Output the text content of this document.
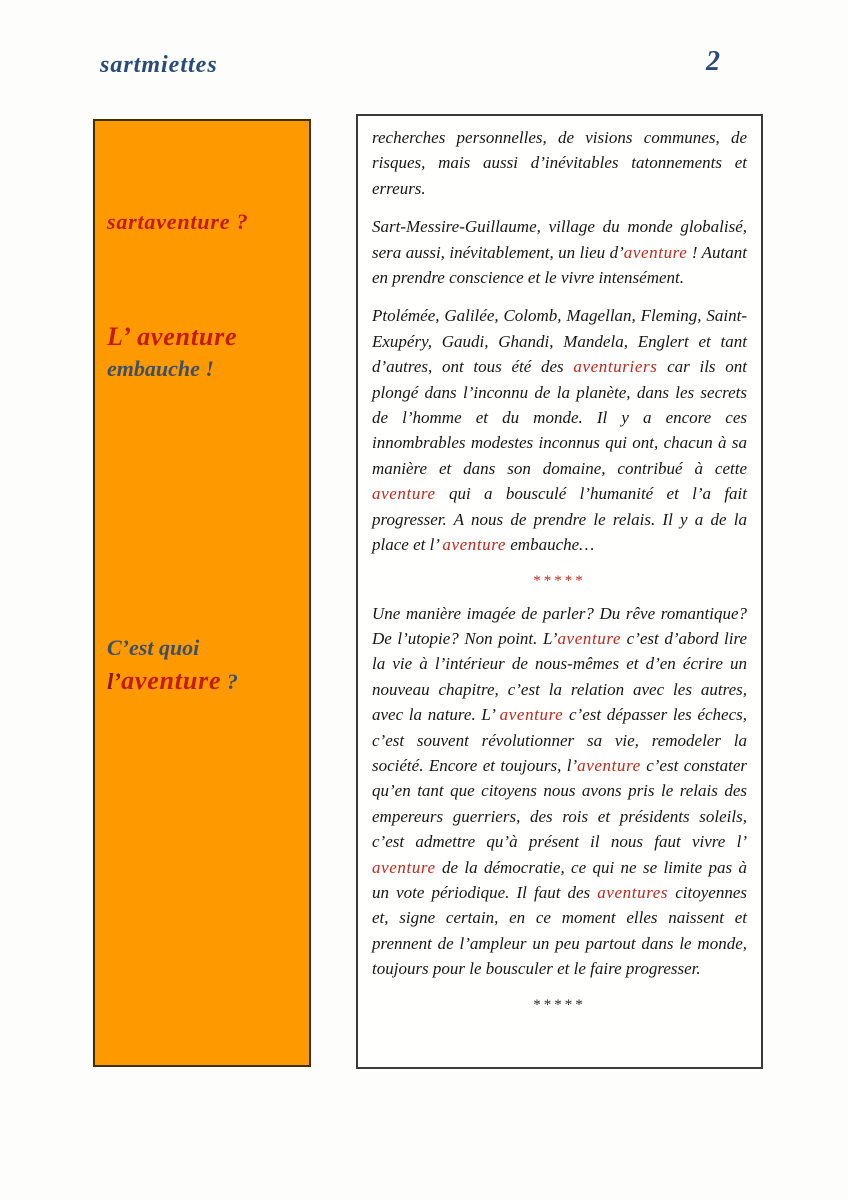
sartmiettes	2
sartaventure ?
L’ aventure
embauche !
C’est quoi
l’aventure ?

recherches personnelles, de visions communes, de risques, mais aussi d’inévitables tatonnements et erreurs.

Sart-Messire-Guillaume, village du monde globalisé, sera aussi, inévitablement, un lieu d’aventure ! Autant en prendre conscience et le vivre intensément.

Ptolémée, Galilée, Colomb, Magellan, Fleming, Saint-Exupéry, Gaudi, Ghandi, Mandela, Englert et tant d’autres, ont tous été des aventuriers car ils ont plongé dans l’inconnu de la planète, dans les secrets de l’homme et du monde. Il y a encore ces innombrables modestes inconnus qui ont, chacun à sa manière et dans son domaine, contribué à cette aventure qui a bousculé l’humanité et l’a fait progresser. A nous de prendre le relais. Il y a de la place et l’ aventure embauche…

*****

Une manière imagée de parler? Du rêve romantique? De l’utopie? Non point. L’aventure c’est d’abord lire la vie à l’intérieur de nous-mêmes et d’en écrire un nouveau chapitre, c’est la relation avec les autres, avec la nature. L’ aventure c’est dépasser les échecs, c’est souvent révolutionner sa vie, remodeler la société. Encore et toujours, l’aventure c’est constater qu’en tant que citoyens nous avons pris le relais des empereurs guerriers, des rois et présidents soleils, c’est admettre qu’à présent il nous faut vivre l’ aventure de la démocratie, ce qui ne se limite pas à un vote périodique. Il faut des aventures citoyennes et, signe certain, en ce moment elles naissent et prennent de l’ampleur un peu partout dans le monde, toujours pour le bousculer et le faire progresser.

*****
